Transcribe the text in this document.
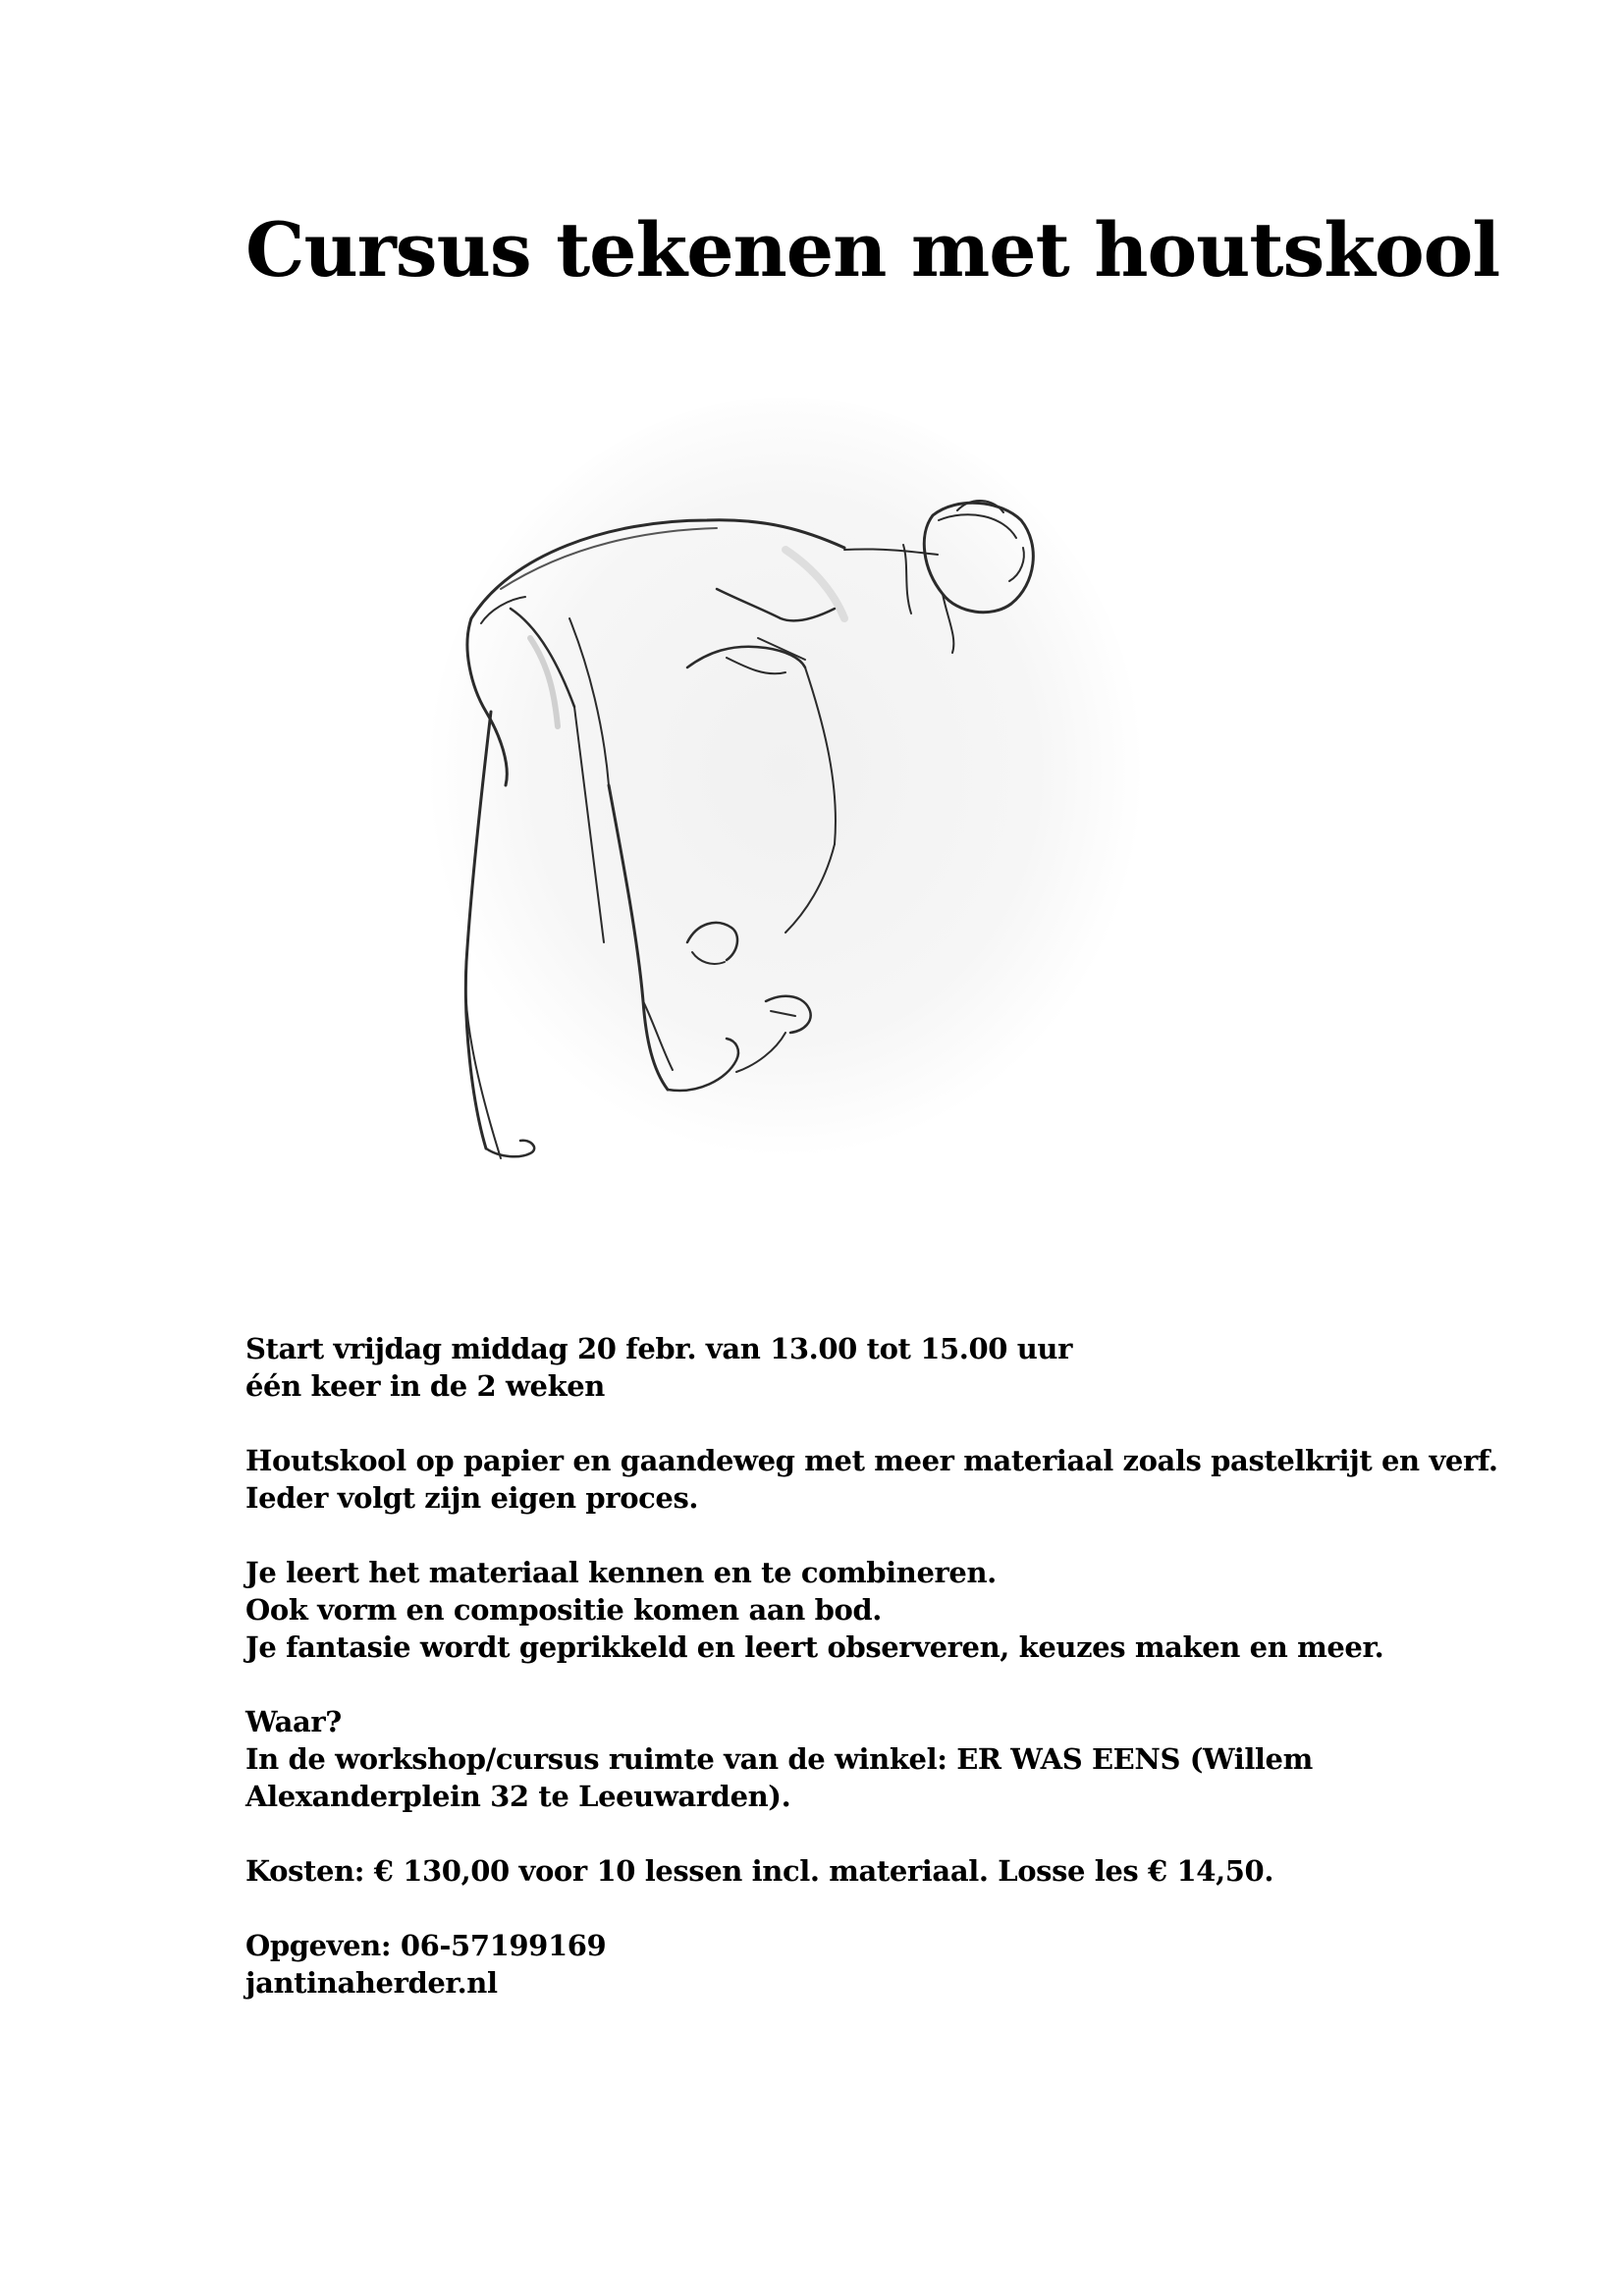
Cursus tekenen met houtskool
Start vrijdag middag 20 febr. van 13.00 tot 15.00 uur
één keer in de 2 weken
Houtskool op papier en gaandeweg met meer materiaal zoals pastelkrijt en verf.
Ieder volgt zijn eigen proces.
Je leert het materiaal kennen en te combineren.
Ook vorm en compositie komen aan bod.
Je fantasie wordt geprikkeld en leert observeren, keuzes maken en meer.
Waar?
In de workshop/cursus ruimte van de winkel: ER WAS EENS (Willem
Alexanderplein 32 te Leeuwarden).
Kosten: € 130,00 voor 10 lessen incl. materiaal. Losse les € 14,50.
Opgeven: 06-57199169
jantinaherder.nl
